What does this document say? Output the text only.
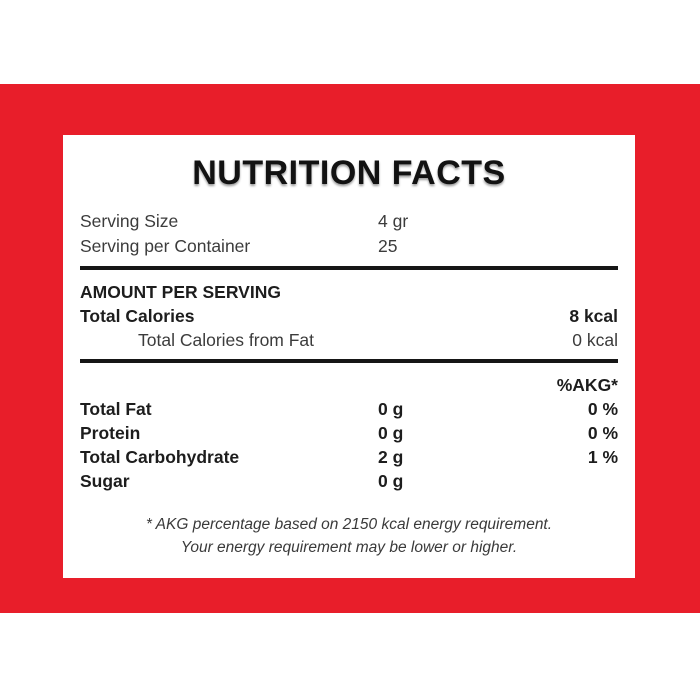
NUTRITION FACTS
Serving Size	4 gr
Serving per Container	25
AMOUNT PER SERVING
Total Calories	8 kcal
Total Calories from Fat	0 kcal
%AKG*
Total Fat	0 g	0 %
Protein	0 g	0 %
Total Carbohydrate	2 g	1 %
Sugar	0 g
* AKG percentage based on 2150 kcal energy requirement.
Your energy requirement may be lower or higher.
